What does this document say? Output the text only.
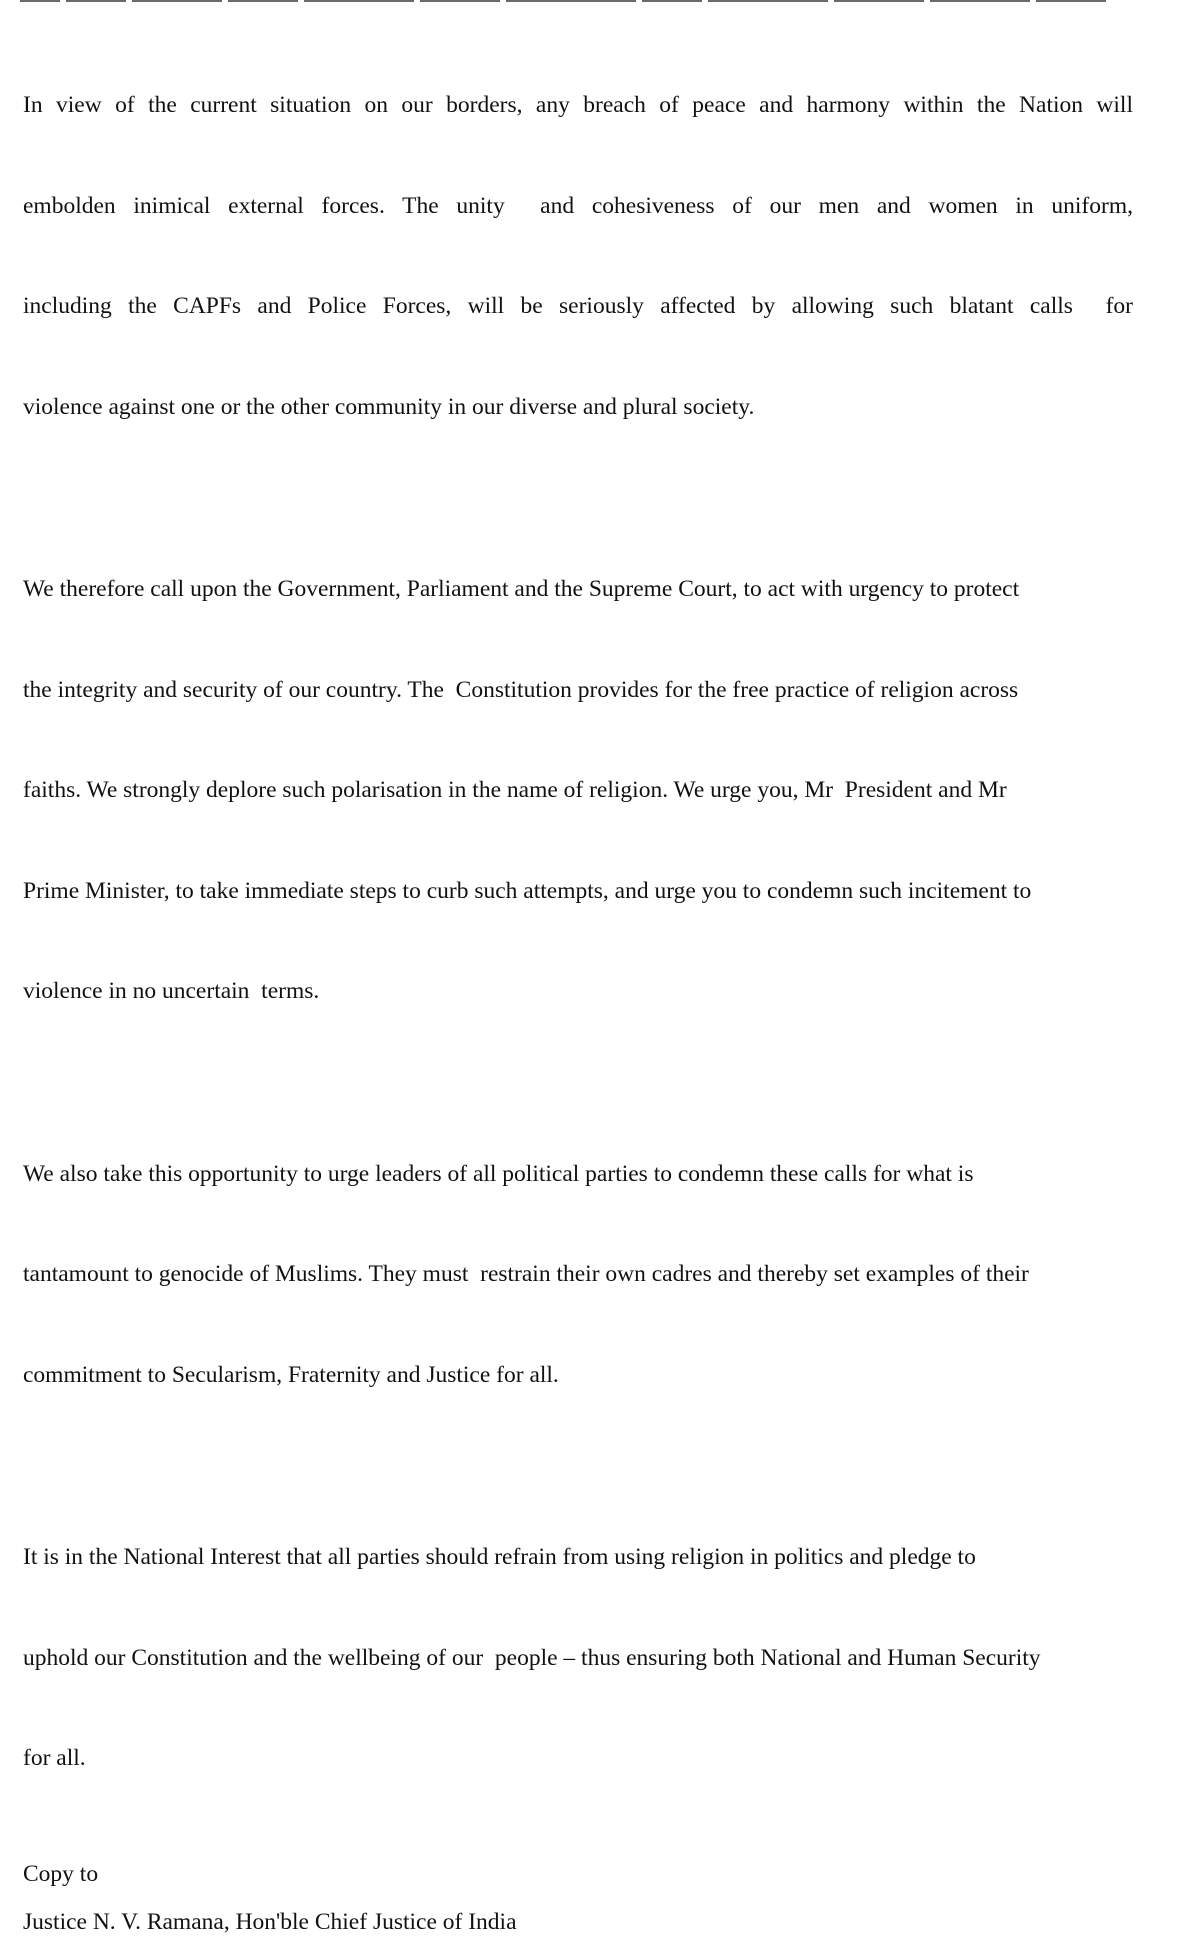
In view of the current situation on our borders, any breach of peace and harmony within the Nation will

embolden inimical external forces. The unity  and cohesiveness of our men and women in uniform,

including the CAPFs and Police Forces, will be seriously affected by allowing such blatant calls  for

violence against one or the other community in our diverse and plural society.

We therefore call upon the Government, Parliament and the Supreme Court, to act with urgency to protect

the integrity and security of our country. The  Constitution provides for the free practice of religion across

faiths. We strongly deplore such polarisation in the name of religion. We urge you, Mr  President and Mr

Prime Minister, to take immediate steps to curb such attempts, and urge you to condemn such incitement to

violence in no uncertain  terms.

We also take this opportunity to urge leaders of all political parties to condemn these calls for what is

tantamount to genocide of Muslims. They must  restrain their own cadres and thereby set examples of their

commitment to Secularism, Fraternity and Justice for all.

It is in the National Interest that all parties should refrain from using religion in politics and pledge to

uphold our Constitution and the wellbeing of our  people – thus ensuring both National and Human Security

for all.

Copy to

Justice N. V. Ramana, Hon'ble Chief Justice of India
